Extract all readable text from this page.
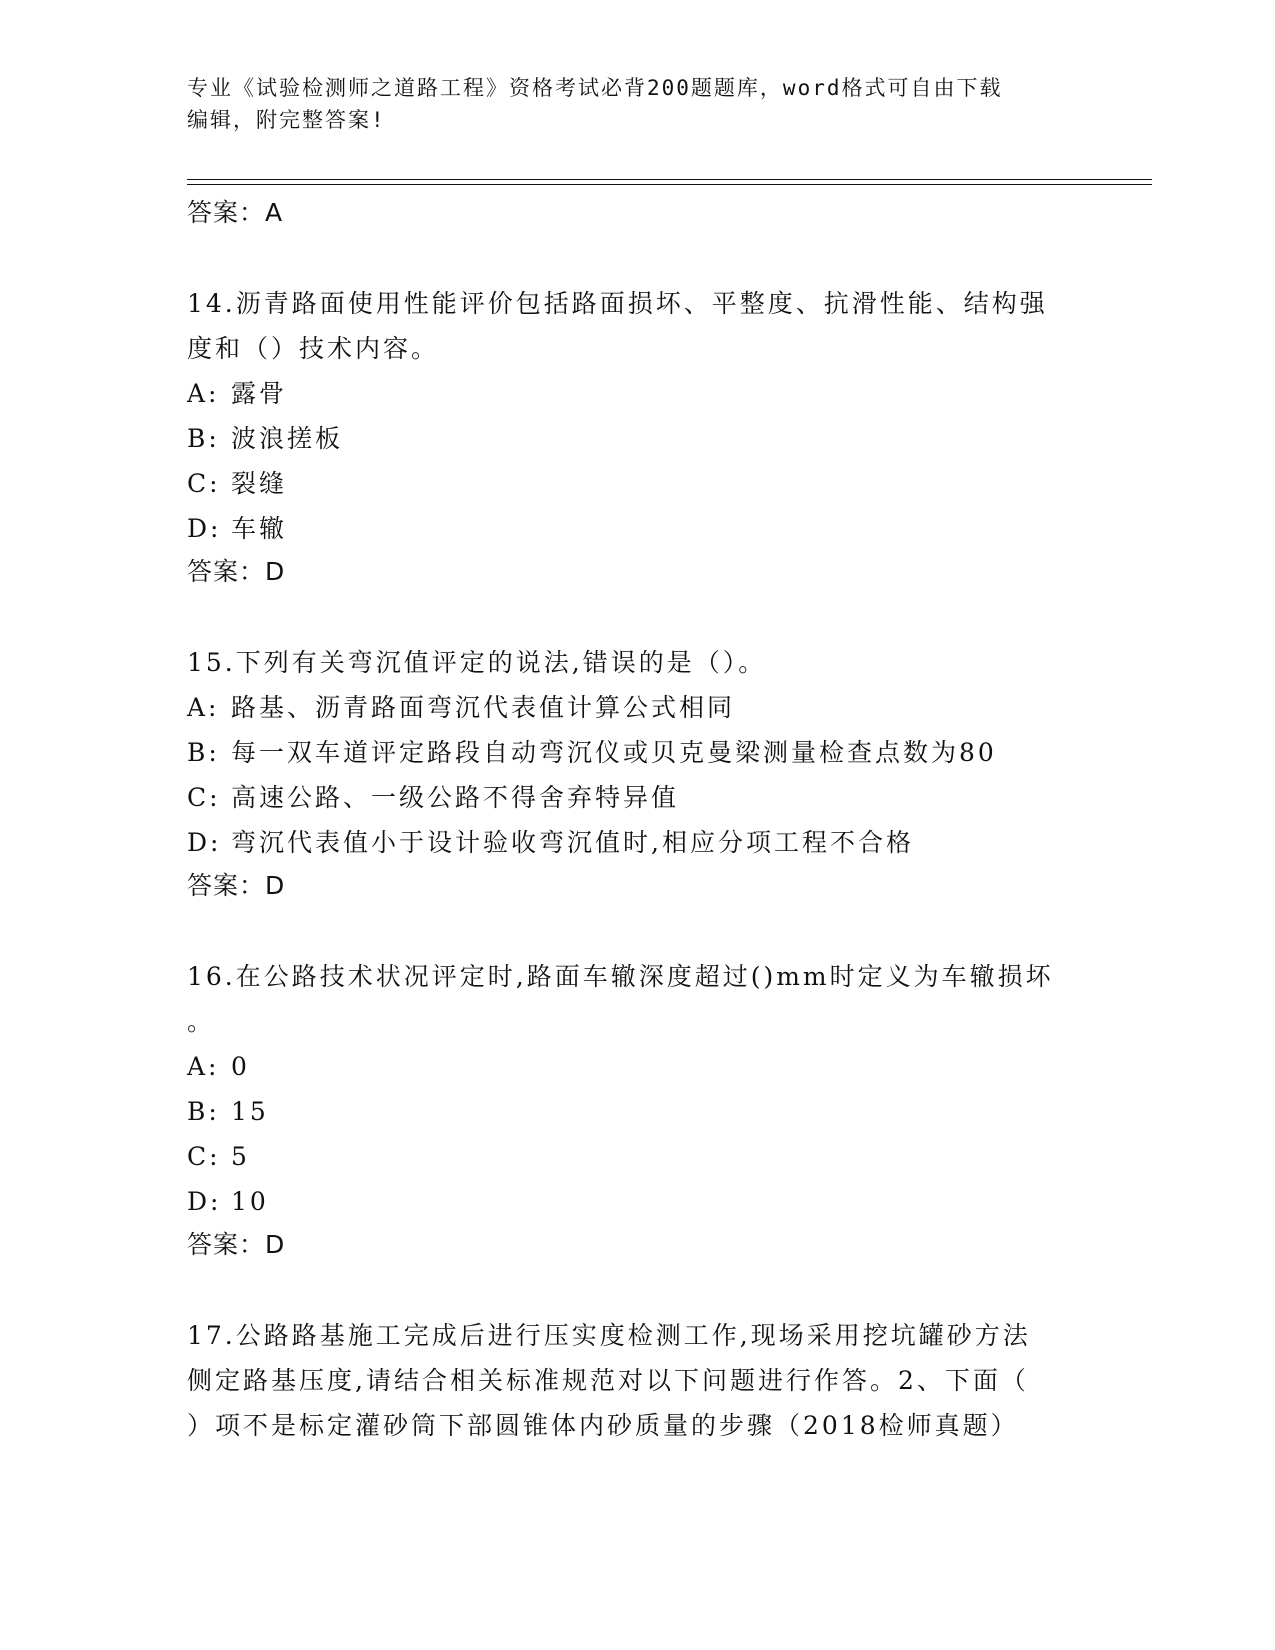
专业《试验检测师之道路工程》资格考试必背200题题库，word格式可自由下载
编辑，附完整答案!
答案：A
14.沥青路面使用性能评价包括路面损坏、平整度、抗滑性能、结构强
度和（）技术内容。
A: 露骨
B: 波浪搓板
C: 裂缝
D: 车辙
答案：D
15.下列有关弯沉值评定的说法,错误的是（）。
A: 路基、沥青路面弯沉代表值计算公式相同
B: 每一双车道评定路段自动弯沉仪或贝克曼梁测量检查点数为80
C: 高速公路、一级公路不得舍弃特异值
D: 弯沉代表值小于设计验收弯沉值时,相应分项工程不合格
答案：D
16.在公路技术状况评定时,路面车辙深度超过()mm时定义为车辙损坏
。
A: 0
B: 15
C: 5
D: 10
答案：D
17.公路路基施工完成后进行压实度检测工作,现场采用挖坑罐砂方法
侧定路基压度,请结合相关标准规范对以下问题进行作答。2、下面（
）项不是标定灌砂筒下部圆锥体内砂质量的步骤（2018检师真题）
